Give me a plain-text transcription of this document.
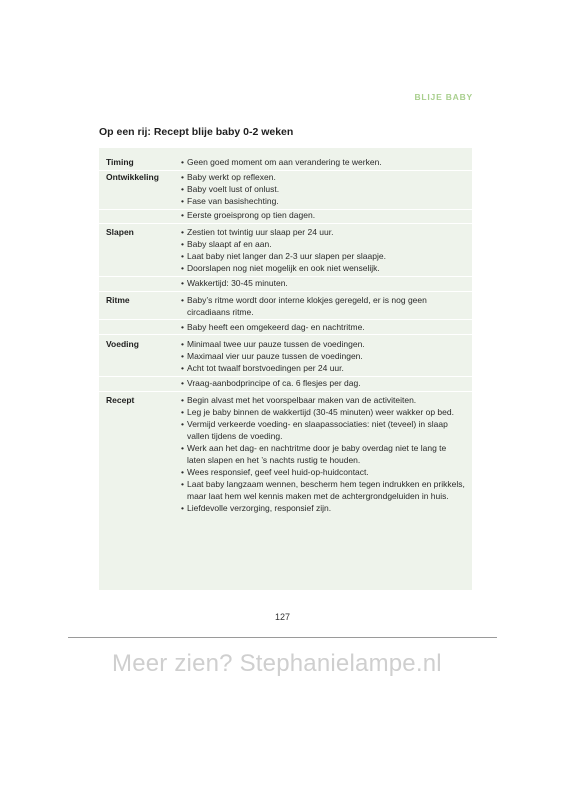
BLIJE BABY
Op een rij: Recept blije baby 0-2 weken
Timing	• Geen goed moment om aan verandering te werken.
Ontwikkeling	• Baby werkt op reflexen.
• Baby voelt lust of onlust.
• Fase van basishechting.
• Eerste groeisprong op tien dagen.
Slapen	• Zestien tot twintig uur slaap per 24 uur.
• Baby slaapt af en aan.
• Laat baby niet langer dan 2-3 uur slapen per slaapje.
• Doorslapen nog niet mogelijk en ook niet wenselijk.
• Wakkertijd: 30-45 minuten.
Ritme	• Baby’s ritme wordt door interne klokjes geregeld, er is nog geen circadiaans ritme.
• Baby heeft een omgekeerd dag- en nachtritme.
Voeding	• Minimaal twee uur pauze tussen de voedingen.
• Maximaal vier uur pauze tussen de voedingen.
• Acht tot twaalf borstvoedingen per 24 uur.
• Vraag-aanbodprincipe of ca. 6 flesjes per dag.
Recept	• Begin alvast met het voorspelbaar maken van de activiteiten.
• Leg je baby binnen de wakkertijd (30-45 minuten) weer wakker op bed.
• Vermijd verkeerde voeding- en slaapassociaties: niet (teveel) in slaap vallen tijdens de voeding.
• Werk aan het dag- en nachtritme door je baby overdag niet te lang te laten slapen en het ’s nachts rustig te houden.
• Wees responsief, geef veel huid-op-huidcontact.
• Laat baby langzaam wennen, bescherm hem tegen indrukken en prikkels, maar laat hem wel kennis maken met de achtergrondgeluiden in huis.
• Liefdevolle verzorging, responsief zijn.
127
Meer zien? Stephanielampe.nl
